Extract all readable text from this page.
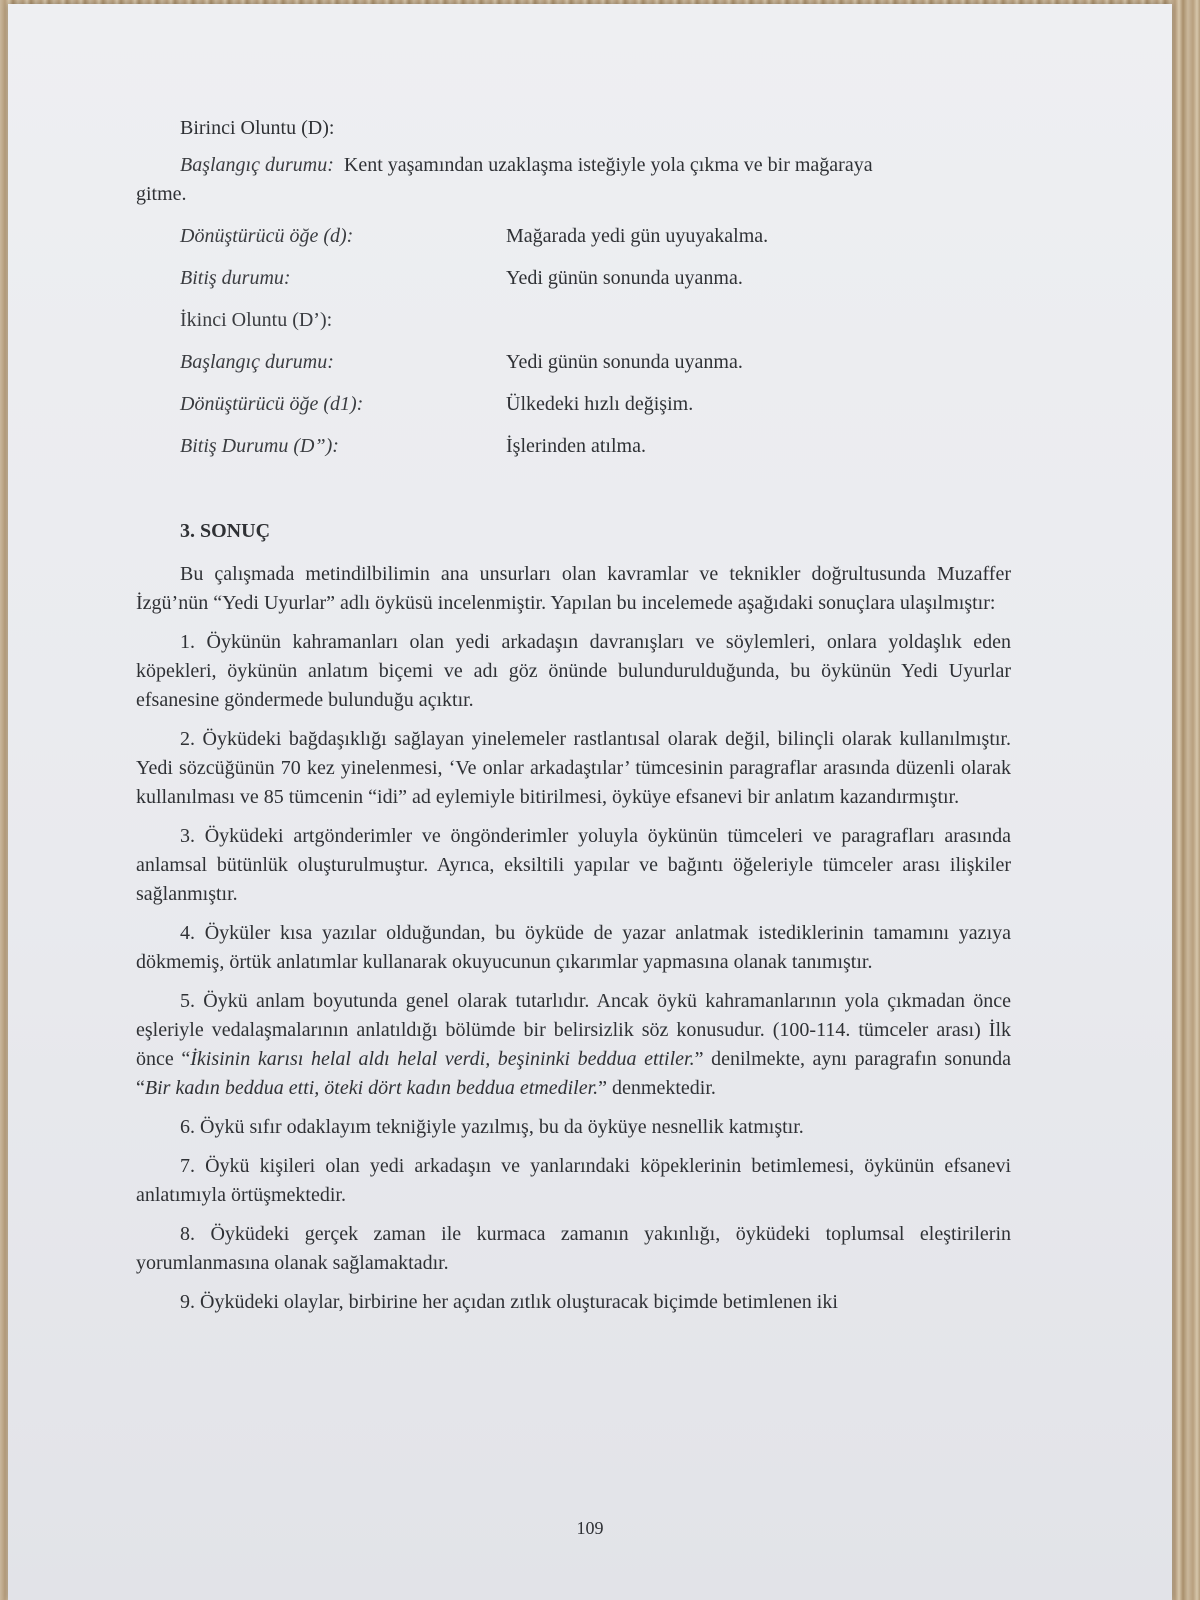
Birinci Oluntu (D):
Başlangıç durumu: Kent yaşamından uzaklaşma isteğiyle yola çıkma ve bir mağaraya
gitme.
Dönüştürücü öğe (d):	Mağarada yedi gün uyuyakalma.
Bitiş durumu:	Yedi günün sonunda uyanma.
İkinci Oluntu (D’):
Başlangıç durumu:	Yedi günün sonunda uyanma.
Dönüştürücü öğe (d1):	Ülkedeki hızlı değişim.
Bitiş Durumu (D”):	İşlerinden atılma.
3. SONUÇ

Bu çalışmada metindilbilimin ana unsurları olan kavramlar ve teknikler doğrultusunda Muzaffer İzgü’nün “Yedi Uyurlar” adlı öyküsü incelenmiştir. Yapılan bu incelemede aşağıdaki sonuçlara ulaşılmıştır:

1. Öykünün kahramanları olan yedi arkadaşın davranışları ve söylemleri, onlara yoldaşlık eden köpekleri, öykünün anlatım biçemi ve adı göz önünde bulundurulduğunda, bu öykünün Yedi Uyurlar efsanesine göndermede bulunduğu açıktır.

2. Öyküdeki bağdaşıklığı sağlayan yinelemeler rastlantısal olarak değil, bilinçli olarak kullanılmıştır. Yedi sözcüğünün 70 kez yinelenmesi, ‘Ve onlar arkadaştılar’ tümcesinin paragraflar arasında düzenli olarak kullanılması ve 85 tümcenin “idi” ad eylemiyle bitirilmesi, öyküye efsanevi bir anlatım kazandırmıştır.

3. Öyküdeki artgönderimler ve öngönderimler yoluyla öykünün tümceleri ve paragrafları arasında anlamsal bütünlük oluşturulmuştur. Ayrıca, eksiltili yapılar ve bağıntı öğeleriyle tümceler arası ilişkiler sağlanmıştır.

4. Öyküler kısa yazılar olduğundan, bu öyküde de yazar anlatmak istediklerinin tamamını yazıya dökmemiş, örtük anlatımlar kullanarak okuyucunun çıkarımlar yapmasına olanak tanımıştır.

5. Öykü anlam boyutunda genel olarak tutarlıdır. Ancak öykü kahramanlarının yola çıkmadan önce eşleriyle vedalaşmalarının anlatıldığı bölümde bir belirsizlik söz konusudur. (100-114. tümceler arası) İlk önce “İkisinin karısı helal aldı helal verdi, beşininki beddua ettiler.” denilmekte, aynı paragrafın sonunda “Bir kadın beddua etti, öteki dört kadın beddua etmediler.” denmektedir.

6. Öykü sıfır odaklayım tekniğiyle yazılmış, bu da öyküye nesnellik katmıştır.

7. Öykü kişileri olan yedi arkadaşın ve yanlarındaki köpeklerinin betimlemesi, öykünün efsanevi anlatımıyla örtüşmektedir.

8. Öyküdeki gerçek zaman ile kurmaca zamanın yakınlığı, öyküdeki toplumsal eleştirilerin yorumlanmasına olanak sağlamaktadır.

9. Öyküdeki olaylar, birbirine her açıdan zıtlık oluşturacak biçimde betimlenen iki

109
